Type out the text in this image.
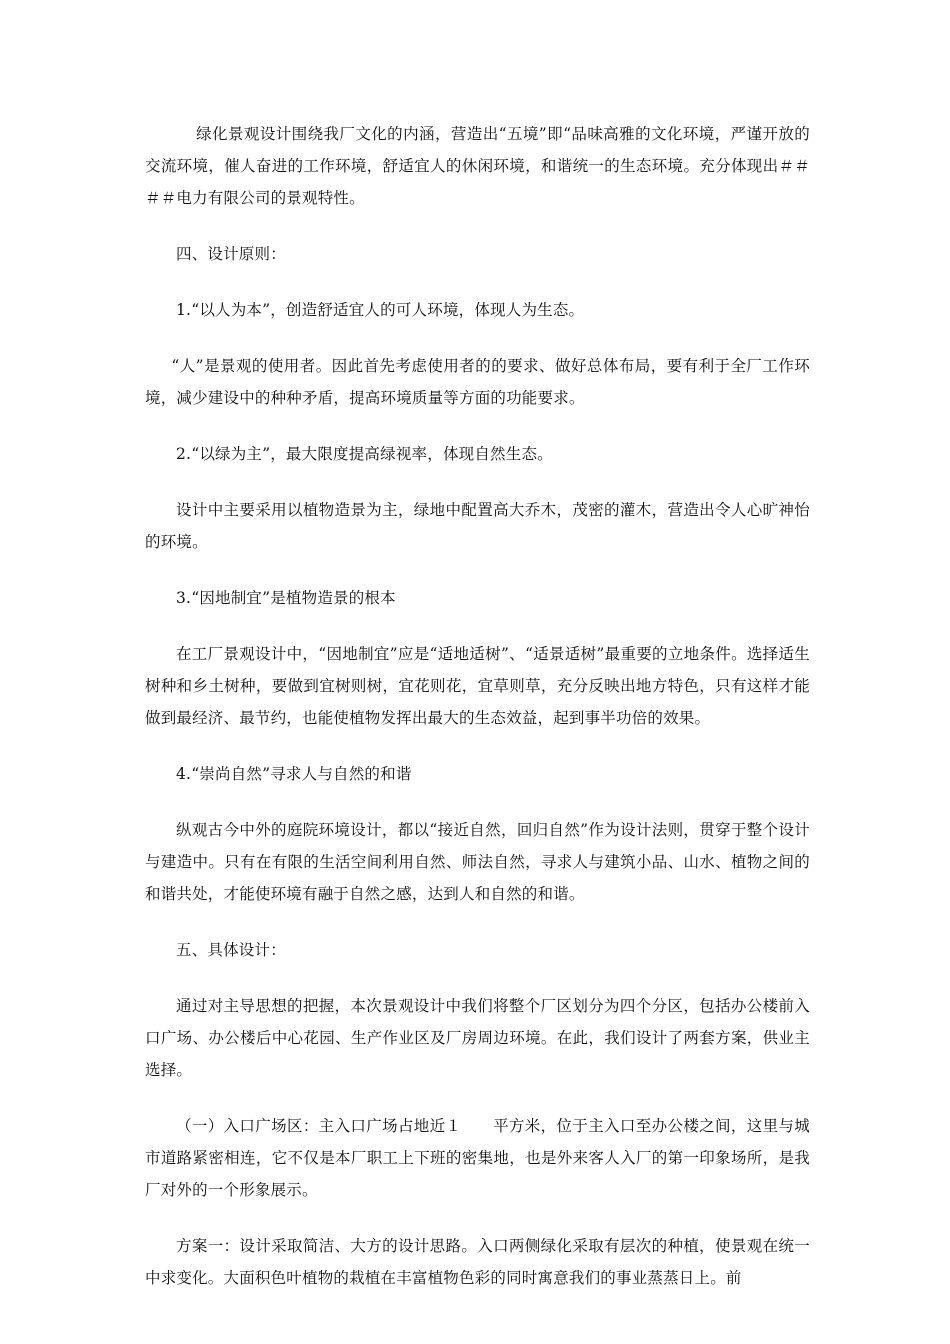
绿化景观设计围绕我厂文化的内涵，营造出“五境”即“品味高雅的文化环境，严谨开放的交流环境，催人奋进的工作环境，舒适宜人的休闲环境，和谐统一的生态环境。充分体现出＃＃＃＃电力有限公司的景观特性。

四、设计原则：

1.“以人为本”，创造舒适宜人的可人环境，体现人为生态。

“人”是景观的使用者。因此首先考虑使用者的的要求、做好总体布局，要有利于全厂工作环境，减少建设中的种种矛盾，提高环境质量等方面的功能要求。

2.“以绿为主”，最大限度提高绿视率，体现自然生态。

设计中主要采用以植物造景为主，绿地中配置高大乔木，茂密的灌木，营造出令人心旷神怡的环境。

3.“因地制宜”是植物造景的根本

在工厂景观设计中，“因地制宜”应是“适地适树”、“适景适树”最重要的立地条件。选择适生树种和乡土树种，要做到宜树则树，宜花则花，宜草则草，充分反映出地方特色，只有这样才能做到最经济、最节约，也能使植物发挥出最大的生态效益，起到事半功倍的效果。

4.“崇尚自然”寻求人与自然的和谐

纵观古今中外的庭院环境设计，都以“接近自然，回归自然”作为设计法则，贯穿于整个设计与建造中。只有在有限的生活空间利用自然、师法自然，寻求人与建筑小品、山水、植物之间的和谐共处，才能使环境有融于自然之感，达到人和自然的和谐。

五、具体设计：

通过对主导思想的把握，本次景观设计中我们将整个厂区划分为四个分区，包括办公楼前入口广场、办公楼后中心花园、生产作业区及厂房周边环境。在此，我们设计了两套方案，供业主选择。

（一）入口广场区：主入口广场占地近１　　平方米，位于主入口至办公楼之间，这里与城市道路紧密相连，它不仅是本厂职工上下班的密集地，也是外来客人入厂的第一印象场所，是我厂对外的一个形象展示。

方案一：设计采取简洁、大方的设计思路。入口两侧绿化采取有层次的种植，使景观在统一中求变化。大面积色叶植物的栽植在丰富植物色彩的同时寓意我们的事业蒸蒸日上。前
